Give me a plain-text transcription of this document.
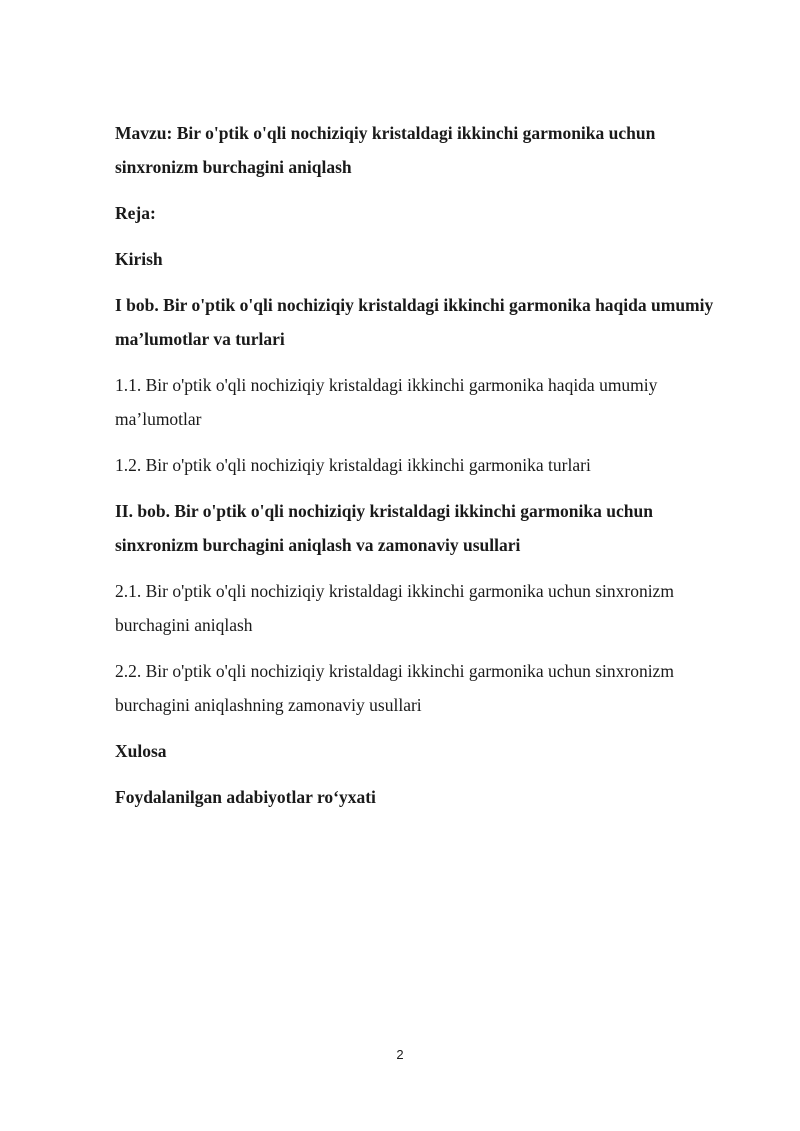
Mavzu: Bir o'ptik o'qli nochiziqiy kristaldagi ikkinchi garmonika uchun sinxronizm burchagini aniqlash

Reja:

Kirish

I bob. Bir o'ptik o'qli nochiziqiy kristaldagi ikkinchi garmonika haqida umumiy ma’lumotlar va turlari

1.1. Bir o'ptik o'qli nochiziqiy kristaldagi ikkinchi garmonika haqida umumiy ma’lumotlar

1.2. Bir o'ptik o'qli nochiziqiy kristaldagi ikkinchi garmonika turlari

II. bob. Bir o'ptik o'qli nochiziqiy kristaldagi ikkinchi garmonika uchun sinxronizm burchagini aniqlash va zamonaviy usullari

2.1. Bir o'ptik o'qli nochiziqiy kristaldagi ikkinchi garmonika uchun sinxronizm burchagini aniqlash

2.2. Bir o'ptik o'qli nochiziqiy kristaldagi ikkinchi garmonika uchun sinxronizm burchagini aniqlashning zamonaviy usullari

Xulosa

Foydalanilgan adabiyotlar ro‘yxati

2
